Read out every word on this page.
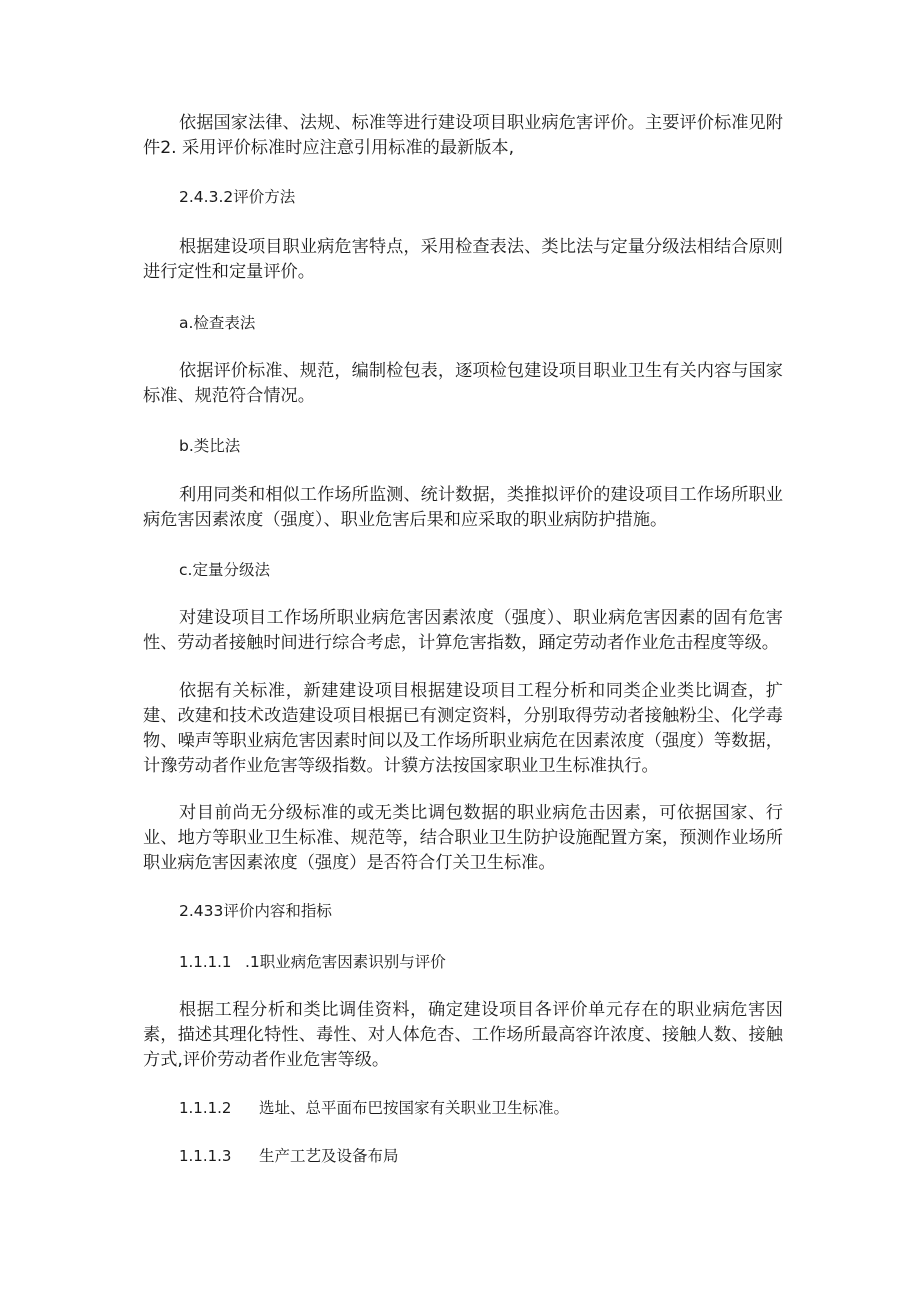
依据国家法律、法规、标准等进行建设项目职业病危害评价。主要评价标准见附件2. 采用评价标准时应注意引用标准的最新版本,

2.4.3.2评价方法

根据建设项目职业病危害特点，采用检查表法、类比法与定量分级法相结合原则进行定性和定量评价。

a.检查表法

依据评价标准、规范，编制检包表，逐项检包建设项目职业卫生有关内容与国家标准、规范符合情况。

b.类比法

利用同类和相似工作场所监测、统计数据，类推拟评价的建设项目工作场所职业病危害因素浓度（强度）、职业危害后果和应采取的职业病防护措施。

c.定量分级法

对建设项目工作场所职业病危害因素浓度（强度）、职业病危害因素的固有危害性、劳动者接触时间进行综合考虑，计算危害指数，踊定劳动者作业危击程度等级。

依据有关标准，新建建设项目根据建设项目工程分析和同类企业类比调查，扩建、改建和技术改造建设项目根据已有测定资料，分别取得劳动者接触粉尘、化学毒物、噪声等职业病危害因素时间以及工作场所职业病危在因素浓度（强度）等数据，计豫劳动者作业危害等级指数。计貘方法按国家职业卫生标准执行。

对目前尚无分级标准的或无类比调包数据的职业病危击因素，可依据国家、行业、地方等职业卫生标准、规范等，结合职业卫生防护设施配置方案，预测作业场所职业病危害因素浓度（强度）是否符合仃关卫生标准。

2.433评价内容和指标

1.1.1.1 .1职业病危害因素识别与评价

根据工程分析和类比调佳资料，确定建设项目各评价单元存在的职业病危害因素，描述其理化特性、毒性、对人体危杏、工作场所最高容许浓度、接触人数、接触方式,评价劳动者作业危害等级。

1.1.1.2 选址、总平面布巴按国家有关职业卫生标准。

1.1.1.3 生产工艺及设备布局
